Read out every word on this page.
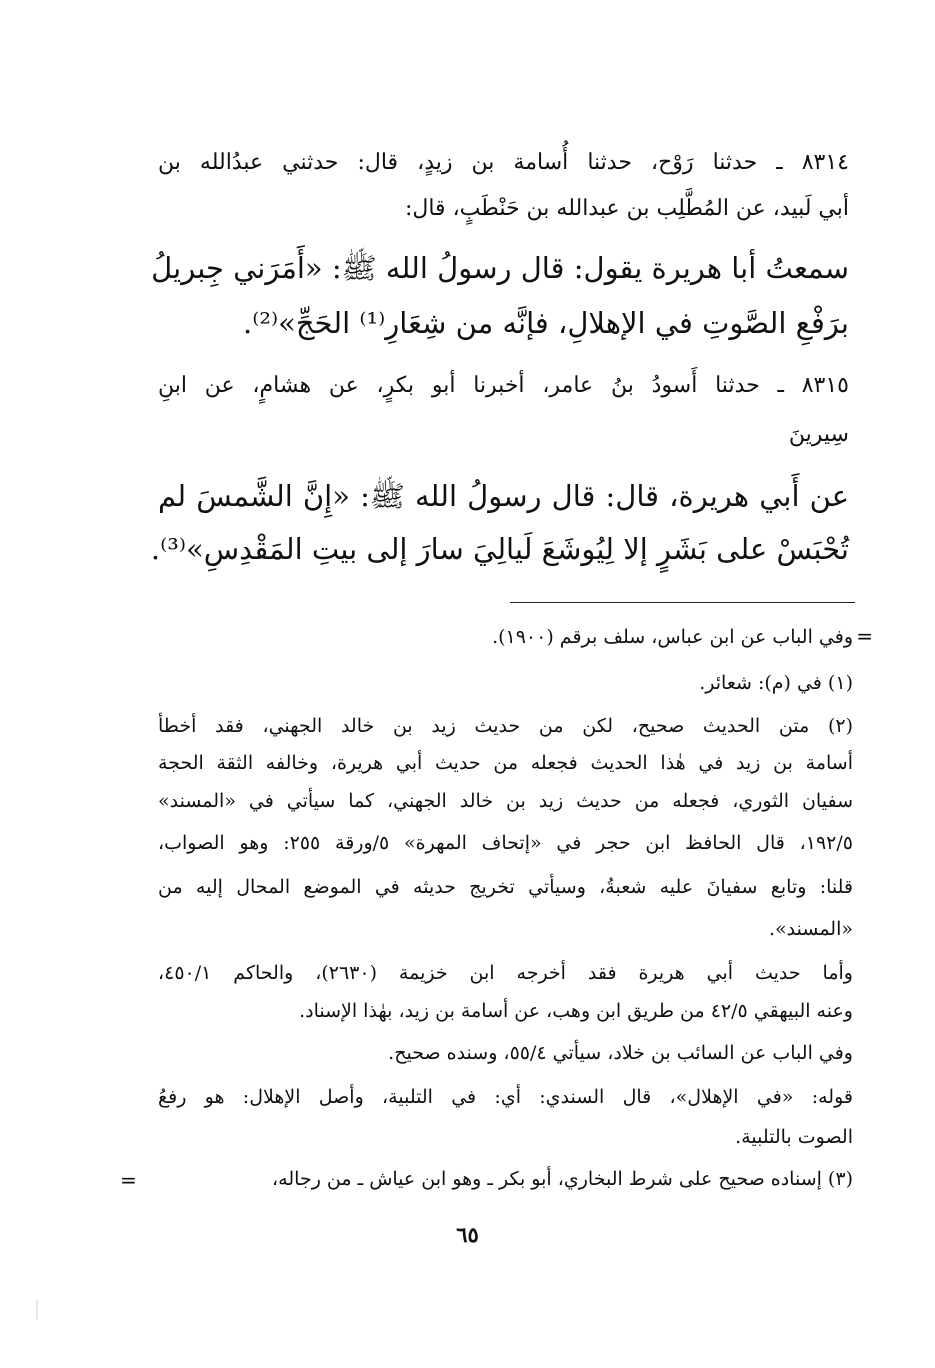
٨٣١٤ ـ حدثنا رَوْح، حدثنا أُسامة بن زيدٍ، قال: حدثني عبدُالله بن
أبي لَبيد، عن المُطَّلِب بن عبدالله بن حَنْطَبٍ، قال:
سمعتُ أبا هريرة يقول: قال رسولُ الله ﷺ: «أَمَرَني جِبريلُ
برَفْعِ الصَّوتِ في الإهلالِ، فإنَّه من شِعَارِ⁽¹⁾ الحَجِّ»⁽²⁾.
٨٣١٥ ـ حدثنا أَسودُ بنُ عامر، أخبرنا أبو بكرٍ، عن هشامٍ، عن ابنِ
سِيرينَ
عن أَبي هريرة، قال: قال رسولُ الله ﷺ: «إِنَّ الشَّمسَ لم
تُحْبَسْ على بَشَرٍ إلا لِيُوشَعَ لَيالِيَ سارَ إلى بيتِ المَقْدِسِ»⁽³⁾.
=
وفي الباب عن ابن عباس، سلف برقم (١٩٠٠).
(١) في (م): شعائر.
(٢) متن الحديث صحيح، لكن من حديث زيد بن خالد الجهني، فقد أخطأ
أسامة بن زيد في هٰذا الحديث فجعله من حديث أبي هريرة، وخالفه الثقة الحجة
سفيان الثوري، فجعله من حديث زيد بن خالد الجهني، كما سيأتي في «المسند»
١٩٢/٥، قال الحافظ ابن حجر في «إتحاف المهرة» ٥/ورقة ٢٥٥: وهو الصواب،
قلنا: وتابع سفيانَ عليه شعبةُ، وسيأتي تخريج حديثه في الموضع المحال إليه من
«المسند».
وأما حديث أبي هريرة فقد أخرجه ابن خزيمة (٢٦٣٠)، والحاكم ٤٥٠/١،
وعنه البيهقي ٤٢/٥ من طريق ابن وهب، عن أسامة بن زيد، بهٰذا الإسناد.
وفي الباب عن السائب بن خلاد، سيأتي ٥٥/٤، وسنده صحيح.
قوله: «في الإهلال»، قال السندي: أي: في التلبية، وأصل الإهلال: هو رفعُ
الصوت بالتلبية.
(٣) إسناده صحيح على شرط البخاري، أبو بكر ـ وهو ابن عياش ـ من رجاله،
=
٦٥
